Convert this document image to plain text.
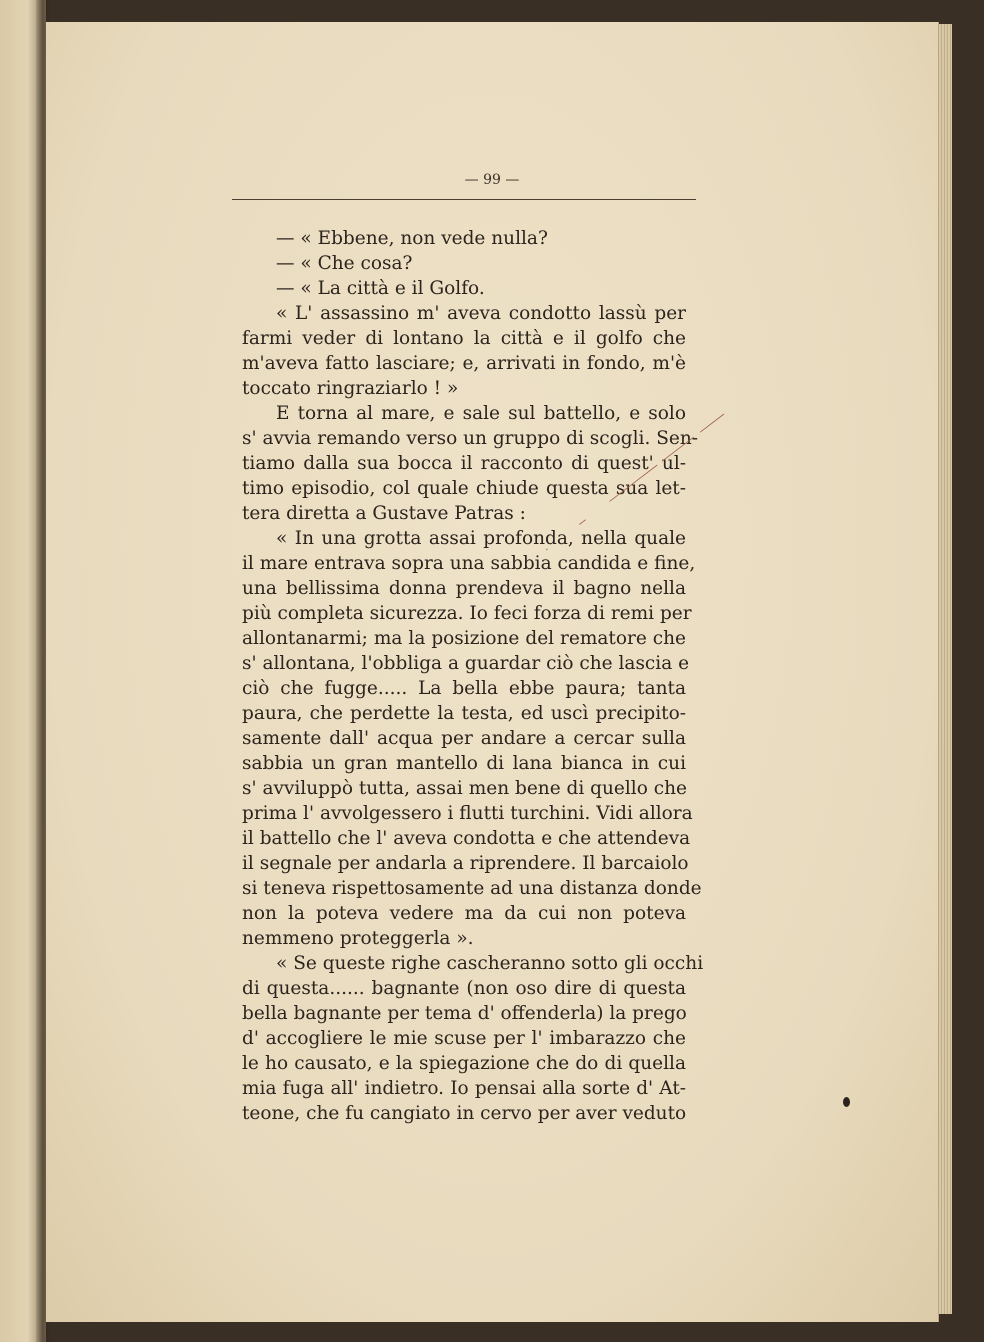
— 99 —
— « Ebbene, non vede nulla?
— « Che cosa?
— « La città e il Golfo.
« L' assassino m' aveva condotto lassù per
farmi veder di lontano la città e il golfo che
m'aveva fatto lasciare; e, arrivati in fondo, m'è
toccato ringraziarlo ! »
E torna al mare, e sale sul battello, e solo
s' avvia remando verso un gruppo di scogli. Sen-
tiamo dalla sua bocca il racconto di quest' ul-
timo episodio, col quale chiude questa sua let-
tera diretta a Gustave Patras :
« In una grotta assai profonda, nella quale
il mare entrava sopra una sabbia candida e fine,
una bellissima donna prendeva il bagno nella
più completa sicurezza. Io feci forza di remi per
allontanarmi; ma la posizione del rematore che
s' allontana, l'obbliga a guardar ciò che lascia e
ciò che fugge..... La bella ebbe paura; tanta
paura, che perdette la testa, ed uscì precipito-
samente dall' acqua per andare a cercar sulla
sabbia un gran mantello di lana bianca in cui
s' avviluppò tutta, assai men bene di quello che
prima l' avvolgessero i flutti turchini. Vidi allora
il battello che l' aveva condotta e che attendeva
il segnale per andarla a riprendere. Il barcaiolo
si teneva rispettosamente ad una distanza donde
non la poteva vedere ma da cui non poteva
nemmeno proteggerla ».
« Se queste righe cascheranno sotto gli occhi
di questa...... bagnante (non oso dire di questa
bella bagnante per tema d' offenderla) la prego
d' accogliere le mie scuse per l' imbarazzo che
le ho causato, e la spiegazione che do di quella
mia fuga all' indietro. Io pensai alla sorte d' At-
teone, che fu cangiato in cervo per aver veduto
